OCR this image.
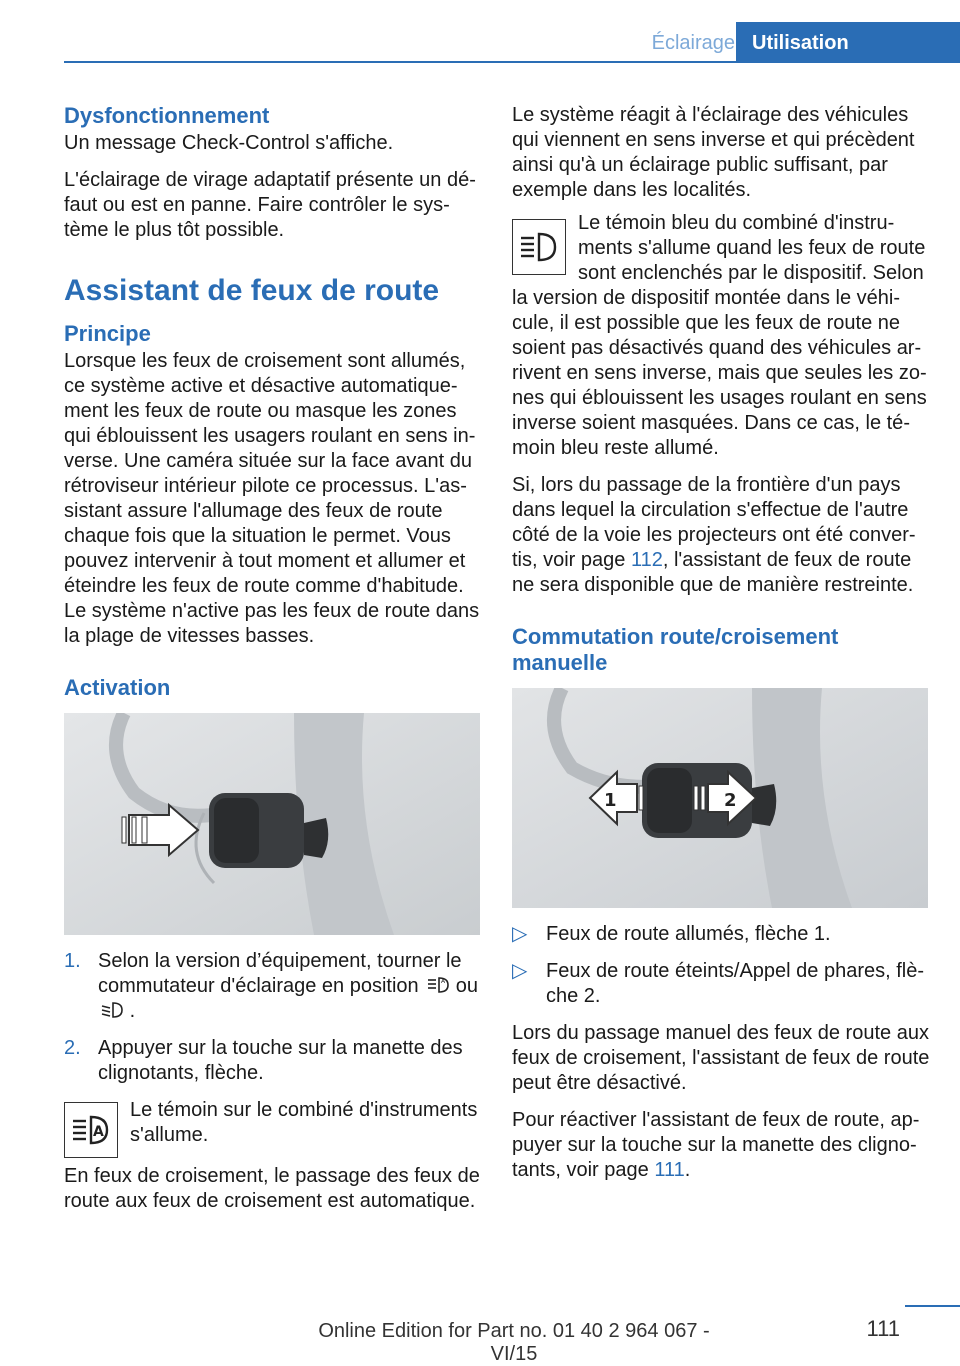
Éclairage Utilisation
Dysfonctionnement

Un message Check-Control s'affiche.

L'éclairage de virage adaptatif présente un défaut ou est en panne. Faire contrôler le système le plus tôt possible.

Assistant de feux de route
Principe

Lorsque les feux de croisement sont allumés, ce système active et désactive automatiquement les feux de route ou masque les zones qui éblouissent les usagers roulant en sens inverse. Une caméra située sur la face avant du rétroviseur intérieur pilote ce processus. L'assistant assure l'allumage des feux de route chaque fois que la situation le permet. Vous pouvez intervenir à tout moment et allumer et éteindre les feux de route comme d'habitude. Le système n'active pas les feux de route dans la plage de vitesses basses.

Activation
1. Selon la version d’équipement, tourner le commutateur d'éclairage en position	A ou  .
2. Appuyer sur la touche sur la manette des clignotants, flèche.
A

Le témoin sur le combiné d'instruments s'allume.

En feux de croisement, le passage des feux de route aux feux de croisement est automatique.

Le système réagit à l'éclairage des véhicules qui viennent en sens inverse et qui précèdent ainsi qu'à un éclairage public suffisant, par exemple dans les localités.

Le témoin bleu du combiné d'instruments s'allume quand les feux de route sont enclenchés par le dispositif. Selon la version de dispositif montée dans le véhicule, il est possible que les feux de route ne soient pas désactivés quand des véhicules arrivent en sens inverse, mais que seules les zones qui éblouissent les usages roulant en sens inverse soient masquées. Dans ce cas, le témoin bleu reste allumé.

Si, lors du passage de la frontière d'un pays dans lequel la circulation s'effectue de l'autre côté de la voie les projecteurs ont été convertis, voir page 112, l'assistant de feux de route ne sera disponible que de manière restreinte.

Commutation route/croisement manuelle
1	2
▷ Feux de route allumés, flèche 1.
▷ Feux de route éteints/Appel de phares, flèche 2.

Lors du passage manuel des feux de route aux feux de croisement, l'assistant de feux de route peut être désactivé.

Pour réactiver l'assistant de feux de route, appuyer sur la touche sur la manette des clignotants, voir page 111.

111
Online Edition for Part no. 01 40 2 964 067 - VI/15
